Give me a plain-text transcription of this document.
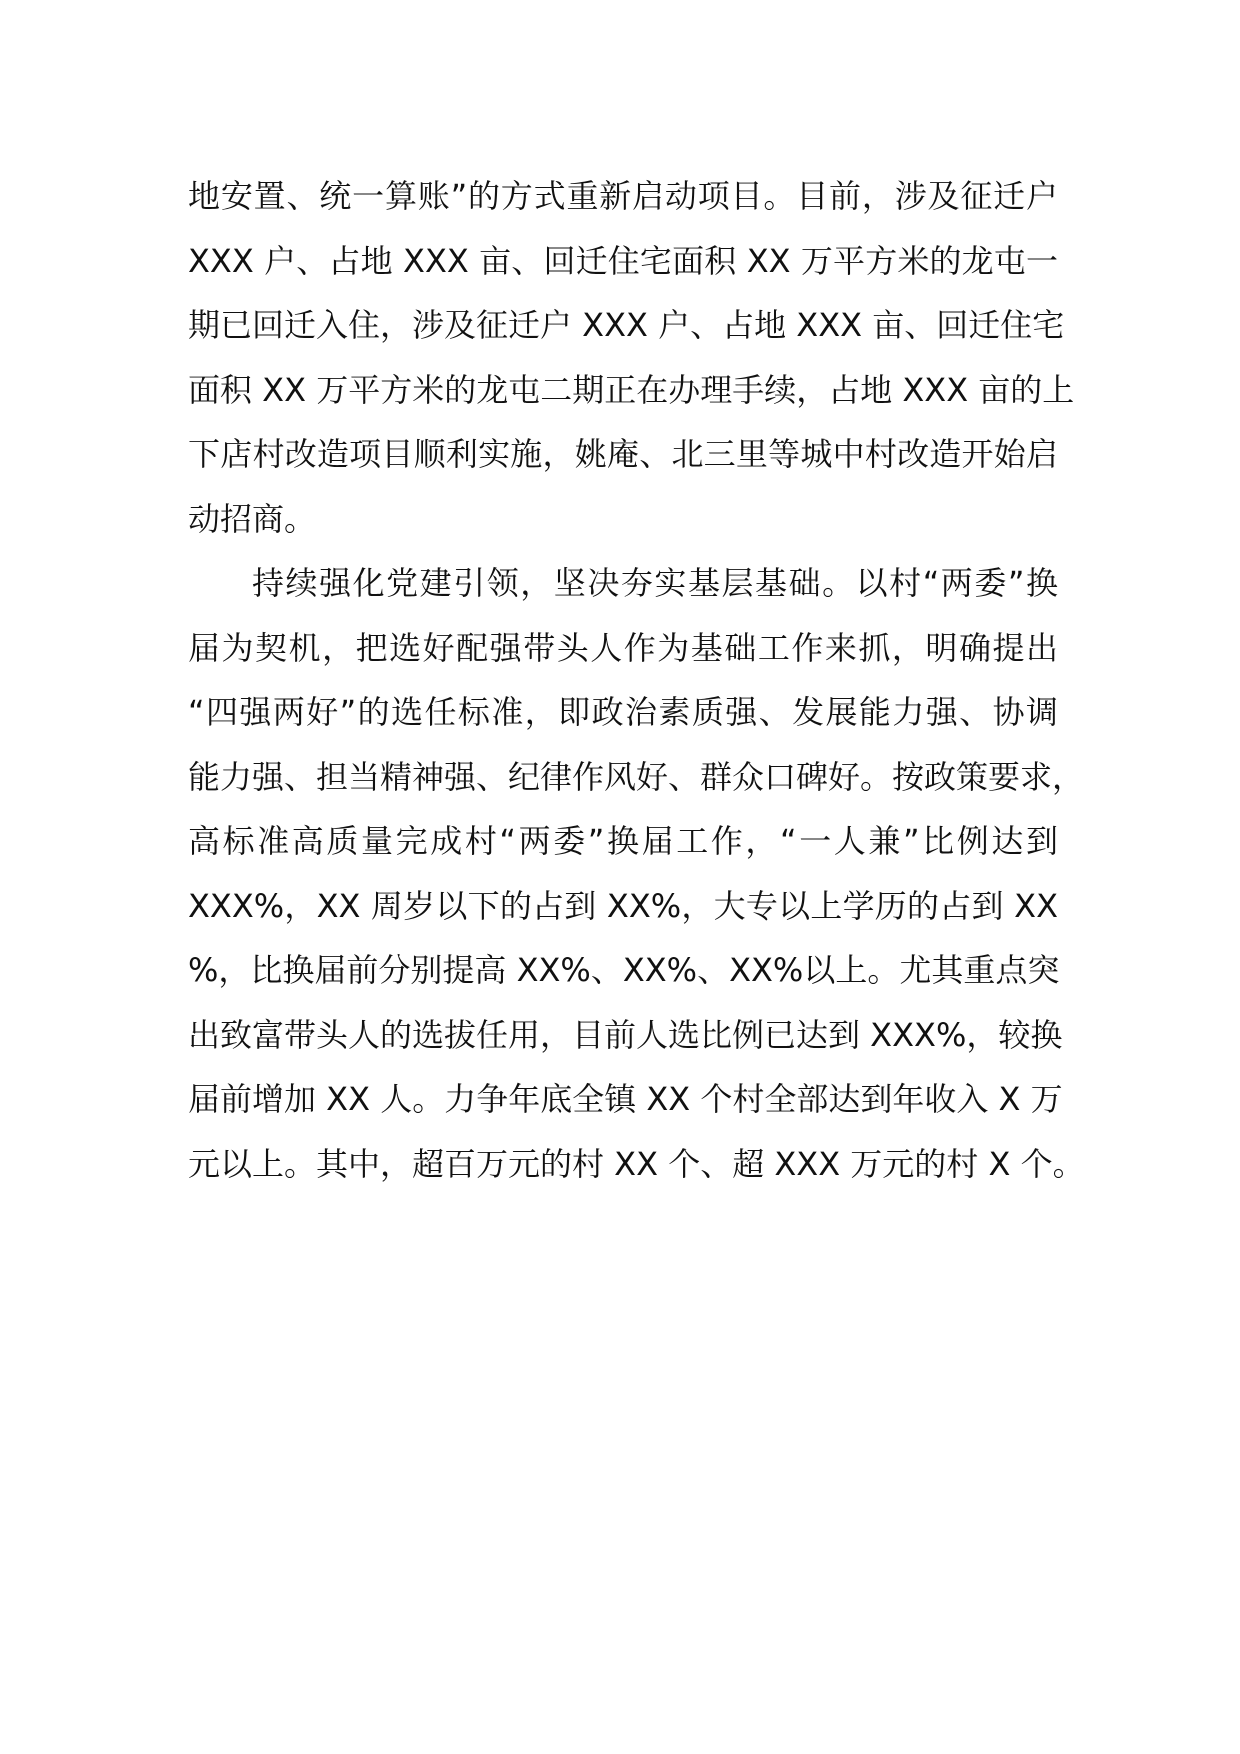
地安置、统一算账”的方式重新启动项目。目前，涉及征迁户
XXX 户、占地 XXX 亩、回迁住宅面积 XX 万平方米的龙屯一
期已回迁入住，涉及征迁户 XXX 户、占地 XXX 亩、回迁住宅
面积 XX 万平方米的龙屯二期正在办理手续，占地 XXX 亩的上
下店村改造项目顺利实施，姚庵、北三里等城中村改造开始启
动招商。
持续强化党建引领，坚决夯实基层基础。以村“两委”换
届为契机，把选好配强带头人作为基础工作来抓，明确提出
“四强两好”的选任标准，即政治素质强、发展能力强、协调
能力强、担当精神强、纪律作风好、群众口碑好。按政策要求，
高标准高质量完成村“两委”换届工作，“一人兼”比例达到
XXX%，XX 周岁以下的占到 XX%，大专以上学历的占到 XX
%，比换届前分别提高 XX%、XX%、XX%以上。尤其重点突
出致富带头人的选拔任用，目前人选比例已达到 XXX%，较换
届前增加 XX 人。力争年底全镇 XX 个村全部达到年收入 X 万
元以上。其中，超百万元的村 XX 个、超 XXX 万元的村 X 个。
